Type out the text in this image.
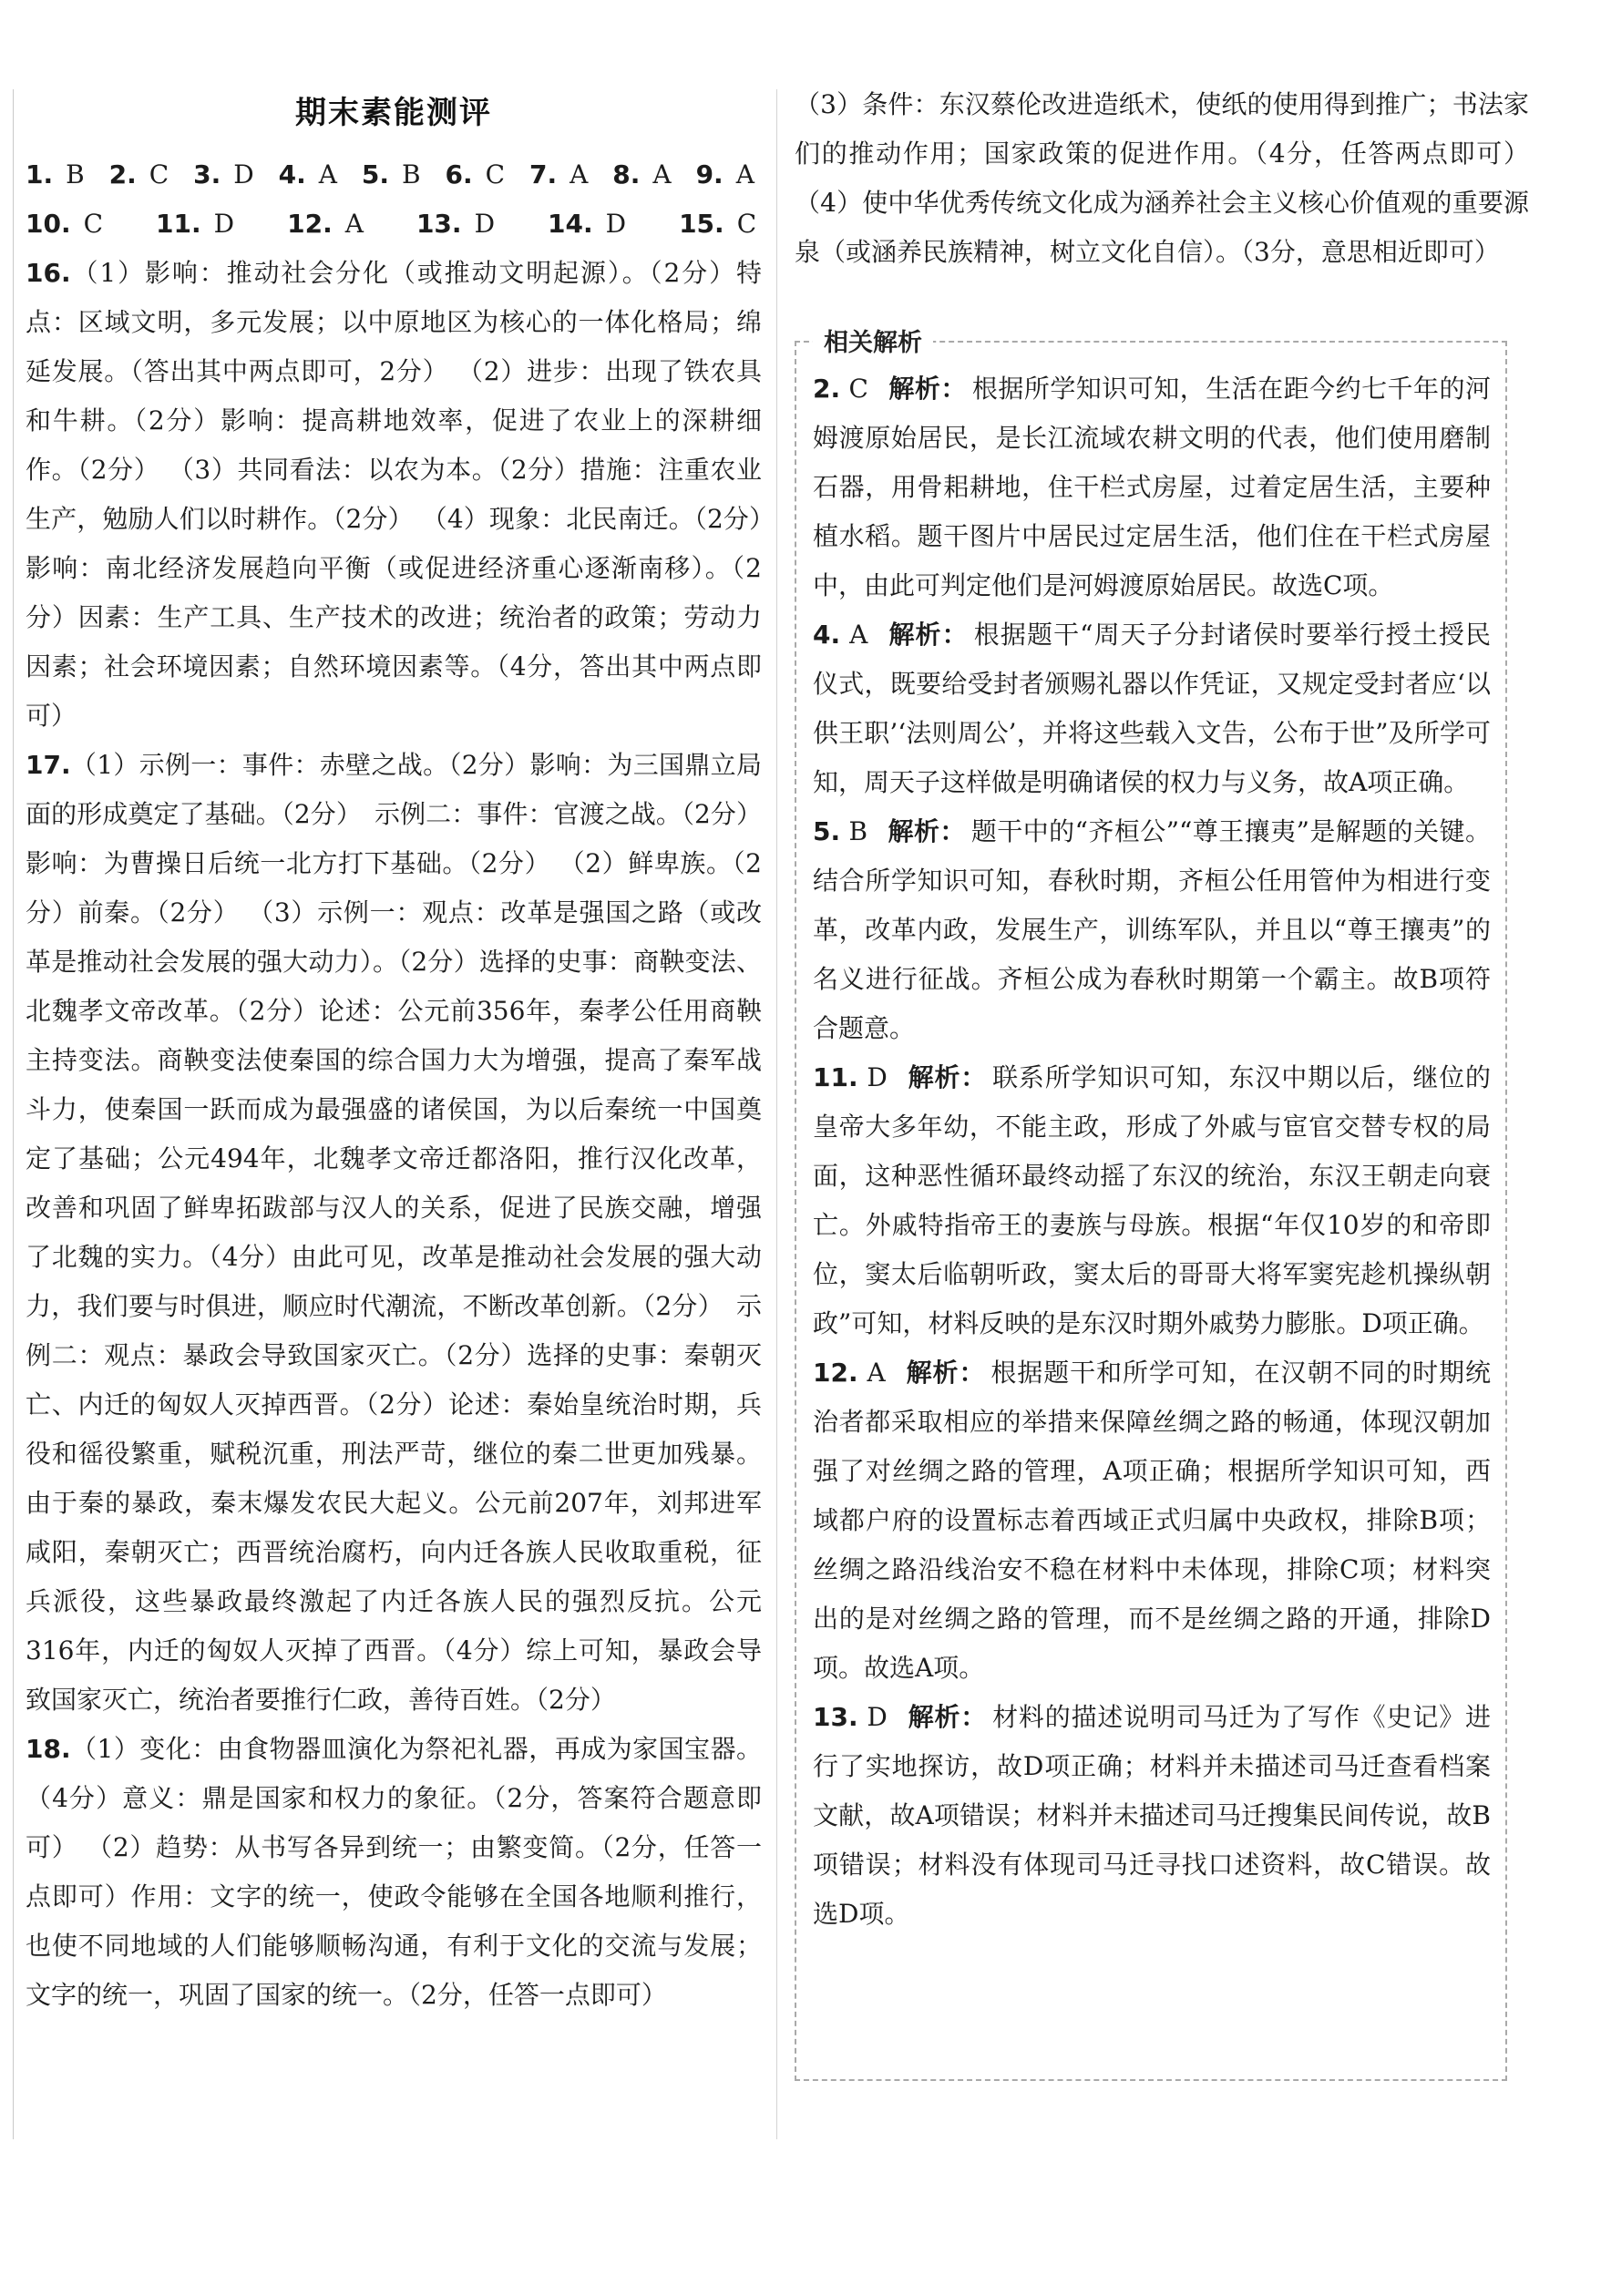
期末素能测评
1. B 2. C 3. D 4. A 5. B 6. C 7. A 8. A 9. A
10. C 11. D 12. A 13. D 14. D 15. C

16.（1）影响：推动社会分化（或推动文明起源）。（2分）特点：区域文明，多元发展；以中原地区为核心的一体化格局；绵延发展。（答出其中两点即可，2分） （2）进步：出现了铁农具和牛耕。（2分）影响：提高耕地效率，促进了农业上的深耕细作。（2分） （3）共同看法：以农为本。（2分）措施：注重农业生产，勉励人们以时耕作。（2分） （4）现象：北民南迁。（2分）影响：南北经济发展趋向平衡（或促进经济重心逐渐南移）。（2分）因素：生产工具、生产技术的改进；统治者的政策；劳动力因素；社会环境因素；自然环境因素等。（4分，答出其中两点即可）

17.（1）示例一：事件：赤壁之战。（2分）影响：为三国鼎立局面的形成奠定了基础。（2分）　示例二：事件：官渡之战。（2分）影响：为曹操日后统一北方打下基础。（2分） （2）鲜卑族。（2分）前秦。（2分） （3）示例一：观点：改革是强国之路（或改革是推动社会发展的强大动力）。（2分）选择的史事：商鞅变法、北魏孝文帝改革。（2分）论述：公元前356年，秦孝公任用商鞅主持变法。商鞅变法使秦国的综合国力大为增强，提高了秦军战斗力，使秦国一跃而成为最强盛的诸侯国，为以后秦统一中国奠定了基础；公元494年，北魏孝文帝迁都洛阳，推行汉化改革，改善和巩固了鲜卑拓跋部与汉人的关系，促进了民族交融，增强了北魏的实力。（4分）由此可见，改革是推动社会发展的强大动力，我们要与时俱进，顺应时代潮流，不断改革创新。（2分）　示例二：观点：暴政会导致国家灭亡。（2分）选择的史事：秦朝灭亡、内迁的匈奴人灭掉西晋。（2分）论述：秦始皇统治时期，兵役和徭役繁重，赋税沉重，刑法严苛，继位的秦二世更加残暴。由于秦的暴政，秦末爆发农民大起义。公元前207年，刘邦进军咸阳，秦朝灭亡；西晋统治腐朽，向内迁各族人民收取重税，征兵派役，这些暴政最终激起了内迁各族人民的强烈反抗。公元316年，内迁的匈奴人灭掉了西晋。（4分）综上可知，暴政会导致国家灭亡，统治者要推行仁政，善待百姓。（2分）

18.（1）变化：由食物器皿演化为祭祀礼器，再成为家国宝器。（4分）意义：鼎是国家和权力的象征。（2分，答案符合题意即可） （2）趋势：从书写各异到统一；由繁变简。（2分，任答一点即可）作用：文字的统一，使政令能够在全国各地顺利推行，也使不同地域的人们能够顺畅沟通，有利于文化的交流与发展；文字的统一，巩固了国家的统一。（2分，任答一点即可）

（3）条件：东汉蔡伦改进造纸术，使纸的使用得到推广；书法家们的推动作用；国家政策的促进作用。（4分，任答两点即可） （4）使中华优秀传统文化成为涵养社会主义核心价值观的重要源泉（或涵养民族精神，树立文化自信）。（3分，意思相近即可）

相关解析

2. C 解析： 根据所学知识可知，生活在距今约七千年的河姆渡原始居民，是长江流域农耕文明的代表，他们使用磨制石器，用骨耜耕地，住干栏式房屋，过着定居生活，主要种植水稻。题干图片中居民过定居生活，他们住在干栏式房屋中，由此可判定他们是河姆渡原始居民。故选C项。

4. A 解析： 根据题干“周天子分封诸侯时要举行授土授民仪式，既要给受封者颁赐礼器以作凭证，又规定受封者应‘以供王职’‘法则周公’，并将这些载入文告，公布于世”及所学可知，周天子这样做是明确诸侯的权力与义务，故A项正确。

5. B 解析： 题干中的“齐桓公”“尊王攘夷”是解题的关键。结合所学知识可知，春秋时期，齐桓公任用管仲为相进行变革，改革内政，发展生产，训练军队，并且以“尊王攘夷”的名义进行征战。齐桓公成为春秋时期第一个霸主。故B项符合题意。

11. D 解析： 联系所学知识可知，东汉中期以后，继位的皇帝大多年幼，不能主政，形成了外戚与宦官交替专权的局面，这种恶性循环最终动摇了东汉的统治，东汉王朝走向衰亡。外戚特指帝王的妻族与母族。根据“年仅10岁的和帝即位，窦太后临朝听政，窦太后的哥哥大将军窦宪趁机操纵朝政”可知，材料反映的是东汉时期外戚势力膨胀。D项正确。

12. A 解析： 根据题干和所学可知，在汉朝不同的时期统治者都采取相应的举措来保障丝绸之路的畅通，体现汉朝加强了对丝绸之路的管理，A项正确；根据所学知识可知，西域都户府的设置标志着西域正式归属中央政权，排除B项；丝绸之路沿线治安不稳在材料中未体现，排除C项；材料突出的是对丝绸之路的管理，而不是丝绸之路的开通，排除D项。故选A项。

13. D 解析： 材料的描述说明司马迁为了写作《史记》进行了实地探访，故D项正确；材料并未描述司马迁查看档案文献，故A项错误；材料并未描述司马迁搜集民间传说，故B项错误；材料没有体现司马迁寻找口述资料，故C错误。故选D项。
